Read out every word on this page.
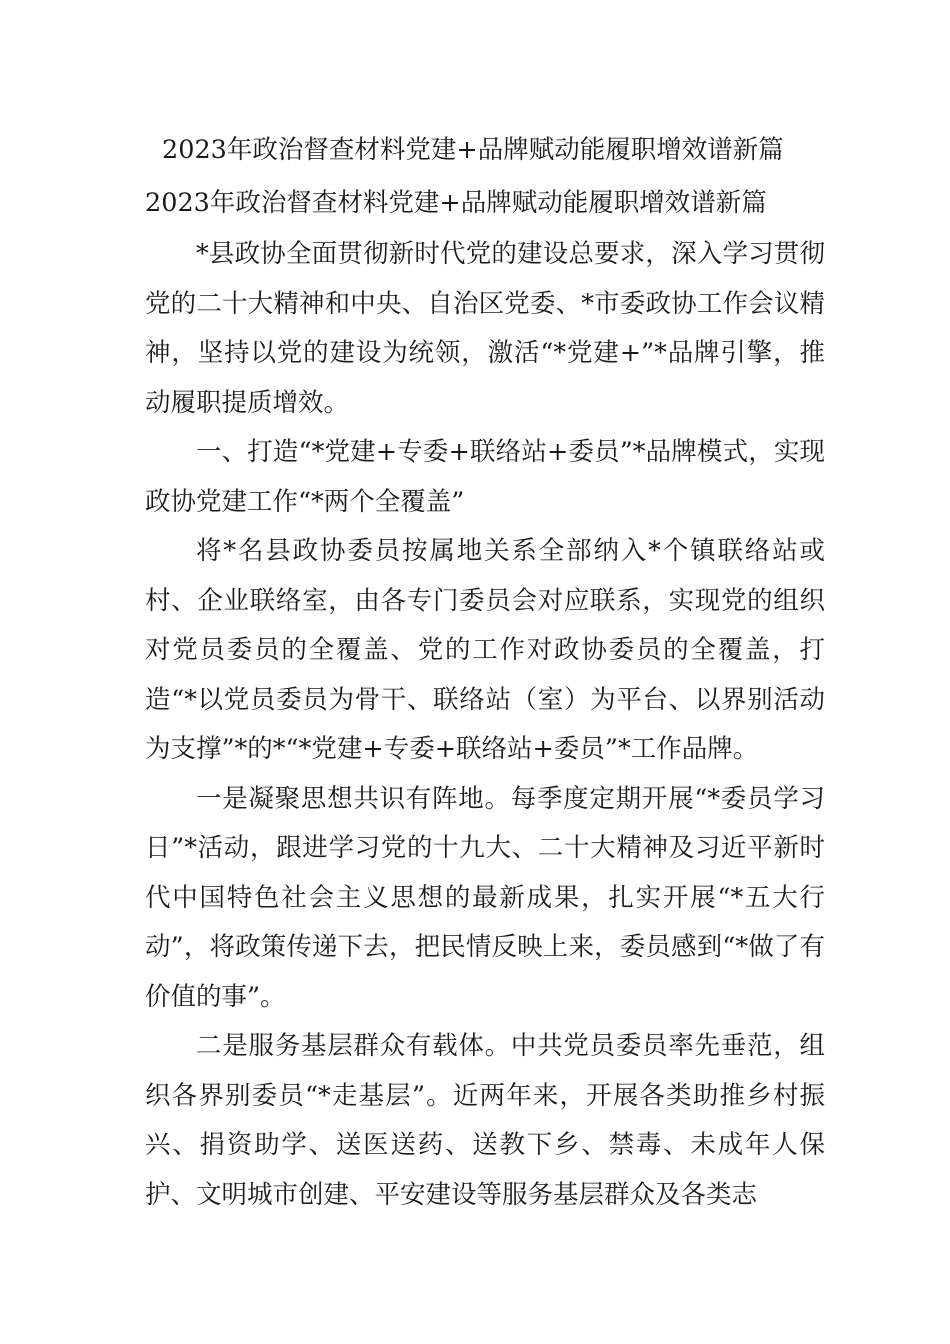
2023年政治督查材料党建+品牌赋动能履职增效谱新篇
2023年政治督查材料党建+品牌赋动能履职增效谱新篇

*县政协全面贯彻新时代党的建设总要求，深入学习贯彻党的二十大精神和中央、自治区党委、*市委政协工作会议精神，坚持以党的建设为统领，激活“*党建+”*品牌引擎，推动履职提质增效。

一、打造“*党建+专委+联络站+委员”*品牌模式，实现政协党建工作“*两个全覆盖”

将*名县政协委员按属地关系全部纳入*个镇联络站或村、企业联络室，由各专门委员会对应联系，实现党的组织对党员委员的全覆盖、党的工作对政协委员的全覆盖，打造“*以党员委员为骨干、联络站（室）为平台、以界别活动为支撑”*的*“*党建+专委+联络站+委员”*工作品牌。

一是凝聚思想共识有阵地。每季度定期开展“*委员学习日”*活动，跟进学习党的十九大、二十大精神及习近平新时代中国特色社会主义思想的最新成果，扎实开展“*五大行动”，将政策传递下去，把民情反映上来，委员感到“*做了有价值的事”。

二是服务基层群众有载体。中共党员委员率先垂范，组织各界别委员“*走基层”。近两年来，开展各类助推乡村振兴、捐资助学、送医送药、送教下乡、禁毒、未成年人保护、文明城市创建、平安建设等服务基层群众及各类志
